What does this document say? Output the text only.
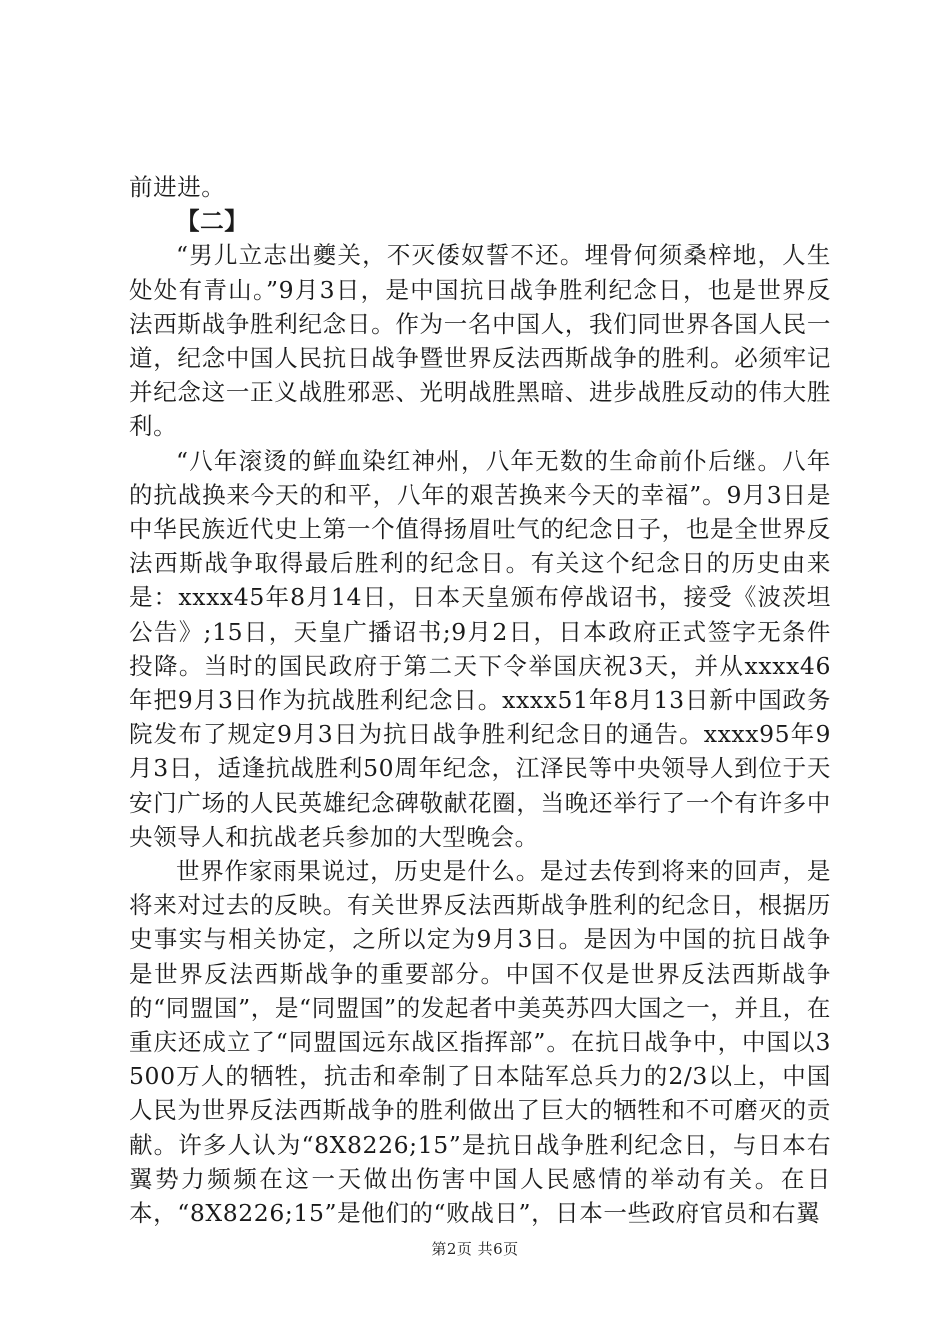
前进进。

【二】

“男儿立志出夔关，不灭倭奴誓不还。埋骨何须桑梓地，人生处处有青山。”9月3日，是中国抗日战争胜利纪念日，也是世界反法西斯战争胜利纪念日。作为一名中国人，我们同世界各国人民一道，纪念中国人民抗日战争暨世界反法西斯战争的胜利。必须牢记并纪念这一正义战胜邪恶、光明战胜黑暗、进步战胜反动的伟大胜利。

“八年滚烫的鲜血染红神州，八年无数的生命前仆后继。八年的抗战换来今天的和平，八年的艰苦换来今天的幸福”。9月3日是中华民族近代史上第一个值得扬眉吐气的纪念日子，也是全世界反法西斯战争取得最后胜利的纪念日。有关这个纪念日的历史由来是：xxxx45年8月14日，日本天皇颁布停战诏书，接受《波茨坦公告》;15日，天皇广播诏书;9月2日，日本政府正式签字无条件投降。当时的国民政府于第二天下令举国庆祝3天，并从xxxx46年把9月3日作为抗战胜利纪念日。xxxx51年8月13日新中国政务院发布了规定9月3日为抗日战争胜利纪念日的通告。xxxx95年9月3日，适逢抗战胜利50周年纪念，江泽民等中央领导人到位于天安门广场的人民英雄纪念碑敬献花圈，当晚还举行了一个有许多中央领导人和抗战老兵参加的大型晚会。

世界作家雨果说过，历史是什么。是过去传到将来的回声，是将来对过去的反映。有关世界反法西斯战争胜利的纪念日，根据历史事实与相关协定，之所以定为9月3日。是因为中国的抗日战争是世界反法西斯战争的重要部分。中国不仅是世界反法西斯战争的“同盟国”，是“同盟国”的发起者中美英苏四大国之一，并且，在重庆还成立了“同盟国远东战区指挥部”。在抗日战争中，中国以3500万人的牺牲，抗击和牵制了日本陆军总兵力的2/3以上，中国人民为世界反法西斯战争的胜利做出了巨大的牺牲和不可磨灭的贡献。许多人认为“8X8226;15”是抗日战争胜利纪念日，与日本右翼势力频频在这一天做出伤害中国人民感情的举动有关。在日本，“8X8226;15”是他们的“败战日”，日本一些政府官员和右翼

第2页 共6页
